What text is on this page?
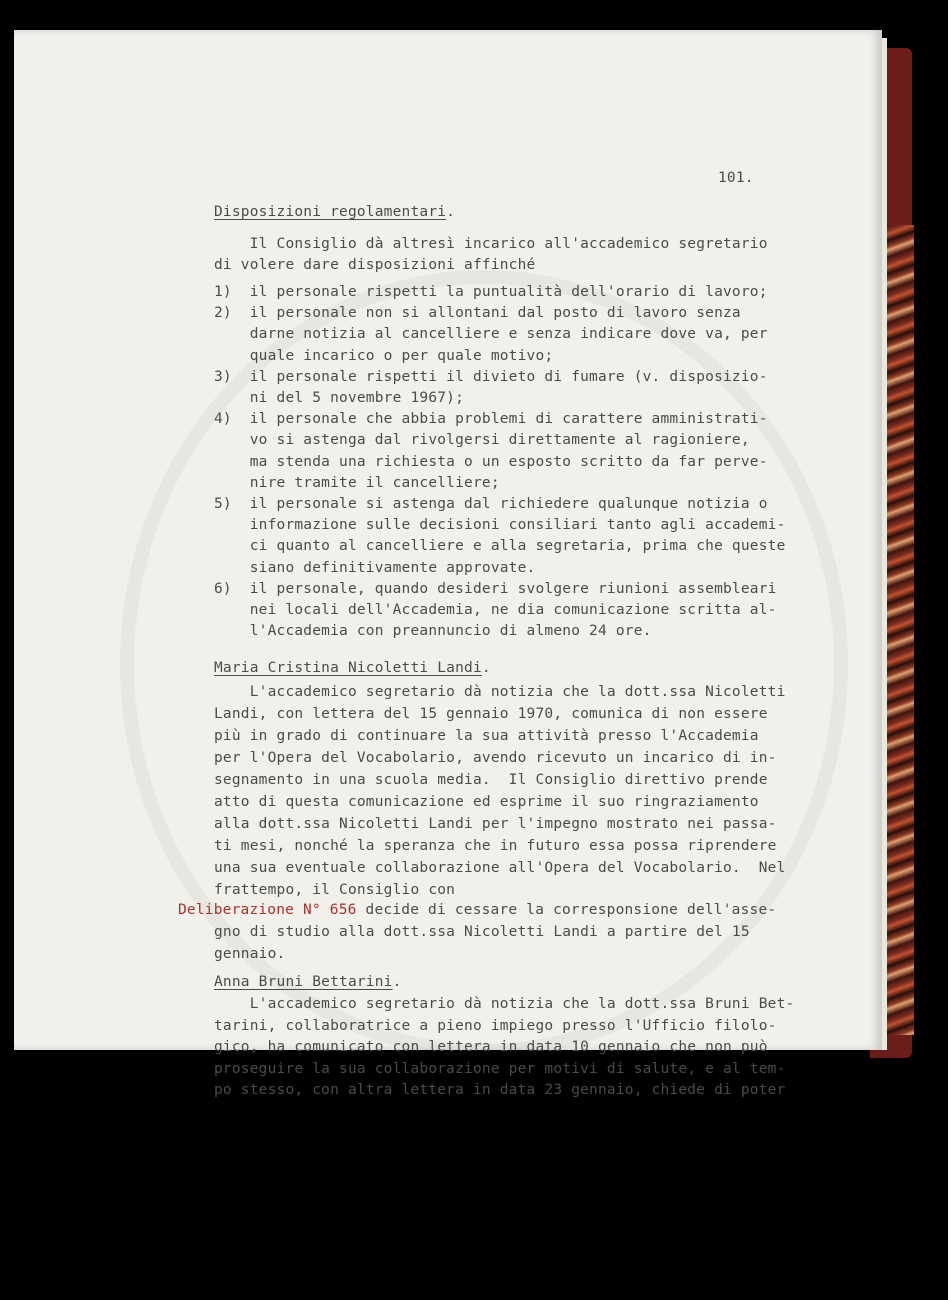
101.
Disposizioni regolamentari.
Il Consiglio dà altresì incarico all'accademico segretario
di volere dare disposizioni affinché
1)  il personale rispetti la puntualità dell'orario di lavoro;
2)  il personale non si allontani dal posto di lavoro senza
darne notizia al cancelliere e senza indicare dove va, per
quale incarico o per quale motivo;
3)  il personale rispetti il divieto di fumare (v. disposizio-
ni del 5 novembre 1967);
4)  il personale che abbia problemi di carattere amministrati-
vo si astenga dal rivolgersi direttamente al ragioniere,
ma stenda una richiesta o un esposto scritto da far perve-
nire tramite il cancelliere;
5)  il personale si astenga dal richiedere qualunque notizia o
informazione sulle decisioni consiliari tanto agli accademi-
ci quanto al cancelliere e alla segretaria, prima che queste
siano definitivamente approvate.
6)  il personale, quando desideri svolgere riunioni assembleari
nei locali dell'Accademia, ne dia comunicazione scritta al-
l'Accademia con preannuncio di almeno 24 ore.
Maria Cristina Nicoletti Landi.
L'accademico segretario dà notizia che la dott.ssa Nicoletti
Landi, con lettera del 15 gennaio 1970, comunica di non essere
più in grado di continuare la sua attività presso l'Accademia
per l'Opera del Vocabolario, avendo ricevuto un incarico di in-
segnamento in una scuola media.  Il Consiglio direttivo prende
atto di questa comunicazione ed esprime il suo ringraziamento
alla dott.ssa Nicoletti Landi per l'impegno mostrato nei passa-
ti mesi, nonché la speranza che in futuro essa possa riprendere
una sua eventuale collaborazione all'Opera del Vocabolario.  Nel
frattempo, il Consiglio con
Deliberazione N° 656 decide di cessare la corresponsione dell'asse-
gno di studio alla dott.ssa Nicoletti Landi a partire del 15
gennaio.
Anna Bruni Bettarini.
L'accademico segretario dà notizia che la dott.ssa Bruni Bet-
tarini, collaboratrice a pieno impiego presso l'Ufficio filolo-
gico, ha comunicato con lettera in data 10 gennaio che non può
proseguire la sua collaborazione per motivi di salute, e al tem-
po stesso, con altra lettera in data 23 gennaio, chiede di poter
